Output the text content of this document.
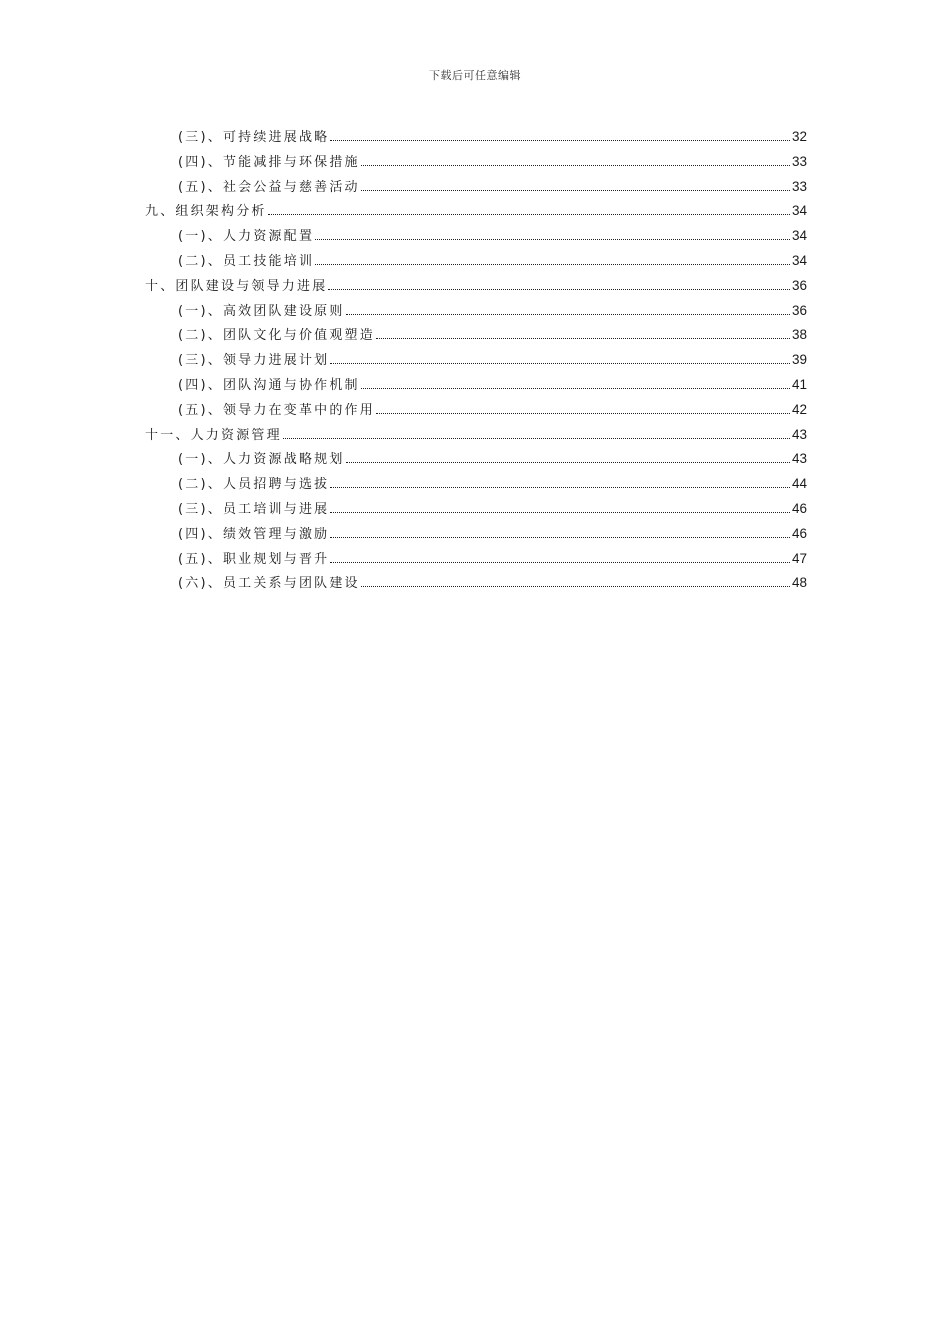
下载后可任意编辑
(三)、可持续进展战略	32
(四)、节能减排与环保措施	33
(五)、社会公益与慈善活动	33
九、组织架构分析	34
(一)、人力资源配置	34
(二)、员工技能培训	34
十、团队建设与领导力进展	36
(一)、高效团队建设原则	36
(二)、团队文化与价值观塑造	38
(三)、领导力进展计划	39
(四)、团队沟通与协作机制	41
(五)、领导力在变革中的作用	42
十一、人力资源管理	43
(一)、人力资源战略规划	43
(二)、人员招聘与选拔	44
(三)、员工培训与进展	46
(四)、绩效管理与激励	46
(五)、职业规划与晋升	47
(六)、员工关系与团队建设	48
